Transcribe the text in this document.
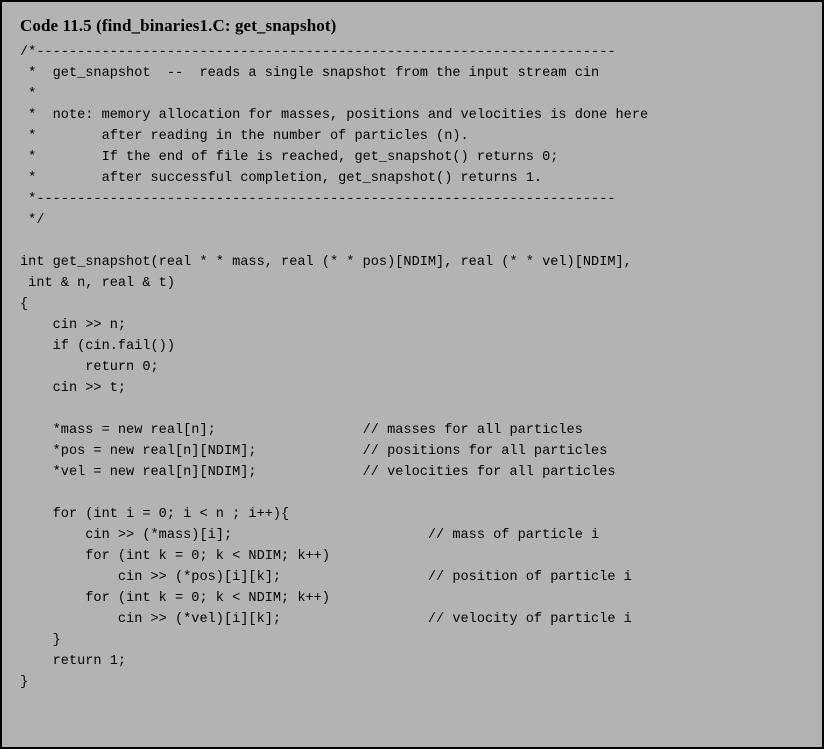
Code 11.5 (find_binaries1.C: get_snapshot)
/*-----------------------------------------------------------------------
*  get_snapshot  --  reads a single snapshot from the input stream cin
*
*  note: memory allocation for masses, positions and velocities is done here
*        after reading in the number of particles (n).
*        If the end of file is reached, get_snapshot() returns 0;
*        after successful completion, get_snapshot() returns 1.
*-----------------------------------------------------------------------
*/

int get_snapshot(real * * mass, real (* * pos)[NDIM], real (* * vel)[NDIM],
int & n, real & t)
{
cin >> n;
if (cin.fail())
return 0;
cin >> t;

*mass = new real[n];                  // masses for all particles
*pos = new real[n][NDIM];             // positions for all particles
*vel = new real[n][NDIM];             // velocities for all particles

for (int i = 0; i < n ; i++){
cin >> (*mass)[i];                        // mass of particle i
for (int k = 0; k < NDIM; k++)
cin >> (*pos)[i][k];                  // position of particle i
for (int k = 0; k < NDIM; k++)
cin >> (*vel)[i][k];                  // velocity of particle i
}
return 1;
}
